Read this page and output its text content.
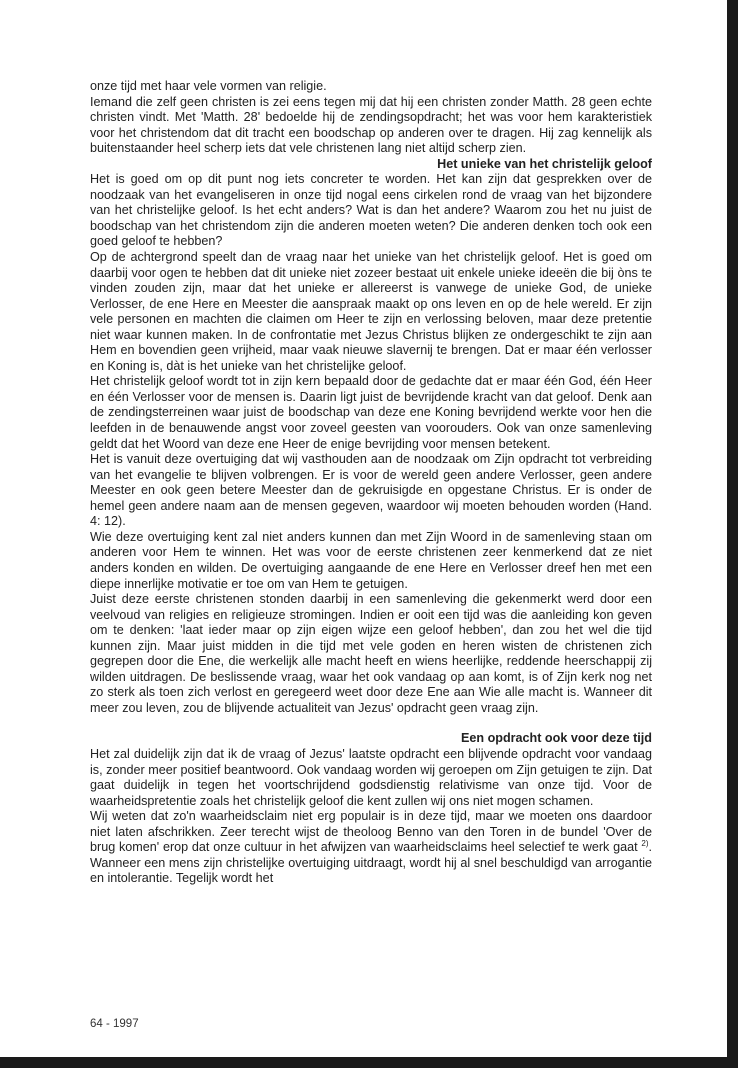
onze tijd met haar vele vormen van religie.

Iemand die zelf geen christen is zei eens tegen mij dat hij een christen zonder Matth. 28 geen echte christen vindt. Met 'Matth. 28' bedoelde hij de zendingsopdracht; het was voor hem karakteristiek voor het christendom dat dit tracht een boodschap op anderen over te dragen. Hij zag kennelijk als buitenstaander heel scherp iets dat vele christenen lang niet altijd scherp zien.

Het unieke van het christelijk geloof

Het is goed om op dit punt nog iets concreter te worden. Het kan zijn dat gesprekken over de noodzaak van het evangeliseren in onze tijd nogal eens cirkelen rond de vraag van het bijzondere van het christelijke geloof. Is het echt anders? Wat is dan het andere? Waarom zou het nu juist de boodschap van het christendom zijn die anderen moeten weten? Die anderen denken toch ook een goed geloof te hebben?

Op de achtergrond speelt dan de vraag naar het unieke van het christelijk geloof. Het is goed om daarbij voor ogen te hebben dat dit unieke niet zozeer bestaat uit enkele unieke ideeën die bij òns te vinden zouden zijn, maar dat het unieke er allereerst is vanwege de unieke God, de unieke Verlosser, de ene Here en Meester die aanspraak maakt op ons leven en op de hele wereld. Er zijn vele personen en machten die claimen om Heer te zijn en verlossing beloven, maar deze pretentie niet waar kunnen maken. In de confrontatie met Jezus Christus blijken ze ondergeschikt te zijn aan Hem en bovendien geen vrijheid, maar vaak nieuwe slavernij te brengen. Dat er maar één verlosser en Koning is, dàt is het unieke van het christelijke geloof.

Het christelijk geloof wordt tot in zijn kern bepaald door de gedachte dat er maar één God, één Heer en één Verlosser voor de mensen is. Daarin ligt juist de bevrijdende kracht van dat geloof. Denk aan de zendingsterreinen waar juist de boodschap van deze ene Koning bevrijdend werkte voor hen die leefden in de benauwende angst voor zoveel geesten van voorouders. Ook van onze samenleving geldt dat het Woord van deze ene Heer de enige bevrijding voor mensen betekent.

Het is vanuit deze overtuiging dat wij vasthouden aan de noodzaak om Zijn opdracht tot verbreiding van het evangelie te blijven volbrengen. Er is voor de wereld geen andere Verlosser, geen andere Meester en ook geen betere Meester dan de gekruisigde en opgestane Christus. Er is onder de hemel geen andere naam aan de mensen gegeven, waardoor wij moeten behouden worden (Hand. 4: 12).

Wie deze overtuiging kent zal niet anders kunnen dan met Zijn Woord in de samenleving staan om anderen voor Hem te winnen. Het was voor de eerste christenen zeer kenmerkend dat ze niet anders konden en wilden. De overtuiging aangaande de ene Here en Verlosser dreef hen met een diepe innerlijke motivatie er toe om van Hem te getuigen.

Juist deze eerste christenen stonden daarbij in een samenleving die gekenmerkt werd door een veelvoud van religies en religieuze stromingen. Indien er ooit een tijd was die aanleiding kon geven om te denken: 'laat ieder maar op zijn eigen wijze een geloof hebben', dan zou het wel die tijd kunnen zijn. Maar juist midden in die tijd met vele goden en heren wisten de christenen zich gegrepen door die Ene, die werkelijk alle macht heeft en wiens heerlijke, reddende heerschappij zij wilden uitdragen. De beslissende vraag, waar het ook vandaag op aan komt, is of Zijn kerk nog net zo sterk als toen zich verlost en geregeerd weet door deze Ene aan Wie alle macht is. Wanneer dit meer zou leven, zou de blijvende actualiteit van Jezus' opdracht geen vraag zijn.

Een opdracht ook voor deze tijd

Het zal duidelijk zijn dat ik de vraag of Jezus' laatste opdracht een blijvende opdracht voor vandaag is, zonder meer positief beantwoord. Ook vandaag worden wij geroepen om Zijn getuigen te zijn. Dat gaat duidelijk in tegen het voortschrijdend godsdienstig relativisme van onze tijd. Voor de waarheidspretentie zoals het christelijk geloof die kent zullen wij ons niet mogen schamen.

Wij weten dat zo'n waarheidsclaim niet erg populair is in deze tijd, maar we moeten ons daardoor niet laten afschrikken. Zeer terecht wijst de theoloog Benno van den Toren in de bundel 'Over de brug komen' erop dat onze cultuur in het afwijzen van waarheidsclaims heel selectief te werk gaat $^{2)}$. Wanneer een mens zijn christelijke overtuiging uitdraagt, wordt hij al snel beschuldigd van arrogantie en intolerantie. Tegelijk wordt het

64 - 1997
